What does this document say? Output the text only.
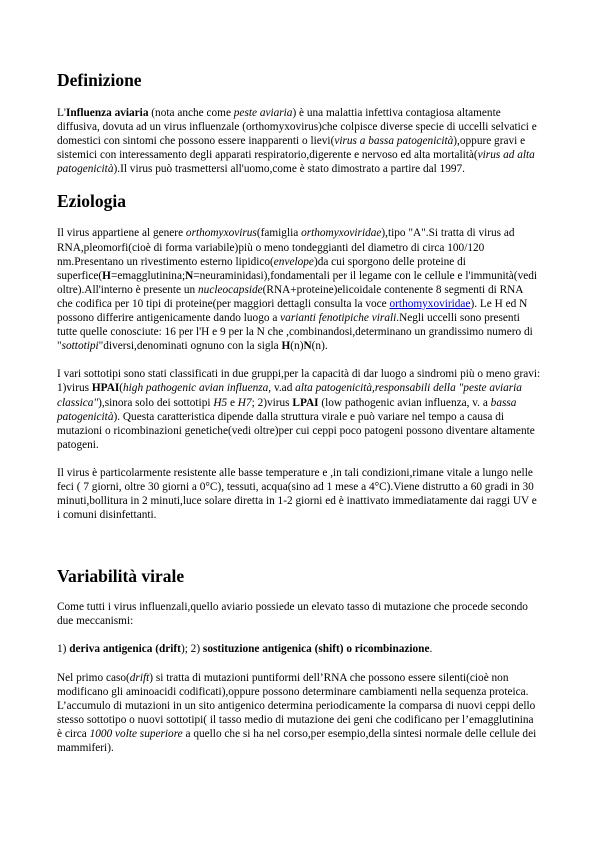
Definizione

L'Influenza aviaria (nota anche come peste aviaria) è una malattia infettiva contagiosa altamente diffusiva, dovuta ad un virus influenzale (orthomyxovirus)che colpisce diverse specie di uccelli selvatici e domestici con sintomi che possono essere inapparenti o lievi(virus a bassa patogenicità),oppure gravi e sistemici con interessamento degli apparati respiratorio,digerente e nervoso ed alta mortalità(virus ad alta patogenicità).Il virus può trasmettersi all'uomo,come è stato dimostrato a partire dal 1997.

Eziologia

Il virus appartiene al genere orthomyxovirus(famiglia orthomyxoviridae),tipo "A".Si tratta di virus ad RNA,pleomorfi(cioè di forma variabile)più o meno tondeggianti del diametro di circa 100/120 nm.Presentano un rivestimento esterno lipidico(envelope)da cui sporgono delle proteine di superfice(H=emagglutinina;N=neuraminidasi),fondamentali per il legame con le cellule e l'immunità(vedi oltre).All'interno è presente un nucleocapside(RNA+proteine)elicoidale contenente 8 segmenti di RNA che codifica per 10 tipi di proteine(per maggiori dettagli consulta la voce orthomyxoviridae). Le H ed N possono differire antigenicamente dando luogo a varianti fenotipiche virali.Negli uccelli sono presenti tutte quelle conosciute: 16 per l'H e 9 per la N che ,combinandosi,determinano un grandissimo numero di "sottotipi"diversi,denominati ognuno con la sigla H(n)N(n).

I vari sottotipi sono stati classificati in due gruppi,per la capacità di dar luogo a sindromi più o meno gravi: 1)virus HPAI(high pathogenic avian influenza, v.ad alta patogenicità,responsabili della "peste aviaria classica"),sinora solo dei sottotipi H5 e H7; 2)virus LPAI (low pathogenic avian influenza, v. a bassa patogenicità). Questa caratteristica dipende dalla struttura virale e può variare nel tempo a causa di mutazioni o ricombinazioni genetiche(vedi oltre)per cui ceppi poco patogeni possono diventare altamente patogeni.

Il virus è particolarmente resistente alle basse temperature e ,in tali condizioni,rimane vitale a lungo nelle feci ( 7 giorni, oltre 30 giorni a 0°C), tessuti, acqua(sino ad 1 mese a 4°C).Viene distrutto a 60 gradi in 30 minuti,bollitura in 2 minuti,luce solare diretta in 1-2 giorni ed è inattivato immediatamente dai raggi UV e i comuni disinfettanti.

Variabilità virale

Come tutti i virus influenzali,quello aviario possiede un elevato tasso di mutazione che procede secondo due meccanismi:

1) deriva antigenica (drift); 2) sostituzione antigenica (shift) o ricombinazione.

Nel primo caso(drift) si tratta di mutazioni puntiformi dell’RNA che possono essere silenti(cioè non modificano gli aminoacidi codificati),oppure possono determinare cambiamenti nella sequenza proteica. L’accumulo di mutazioni in un sito antigenico determina periodicamente la comparsa di nuovi ceppi dello stesso sottotipo o nuovi sottotipi( il tasso medio di mutazione dei geni che codificano per l’emagglutinina è circa 1000 volte superiore a quello che si ha nel corso,per esempio,della sintesi normale delle cellule dei mammiferi).
